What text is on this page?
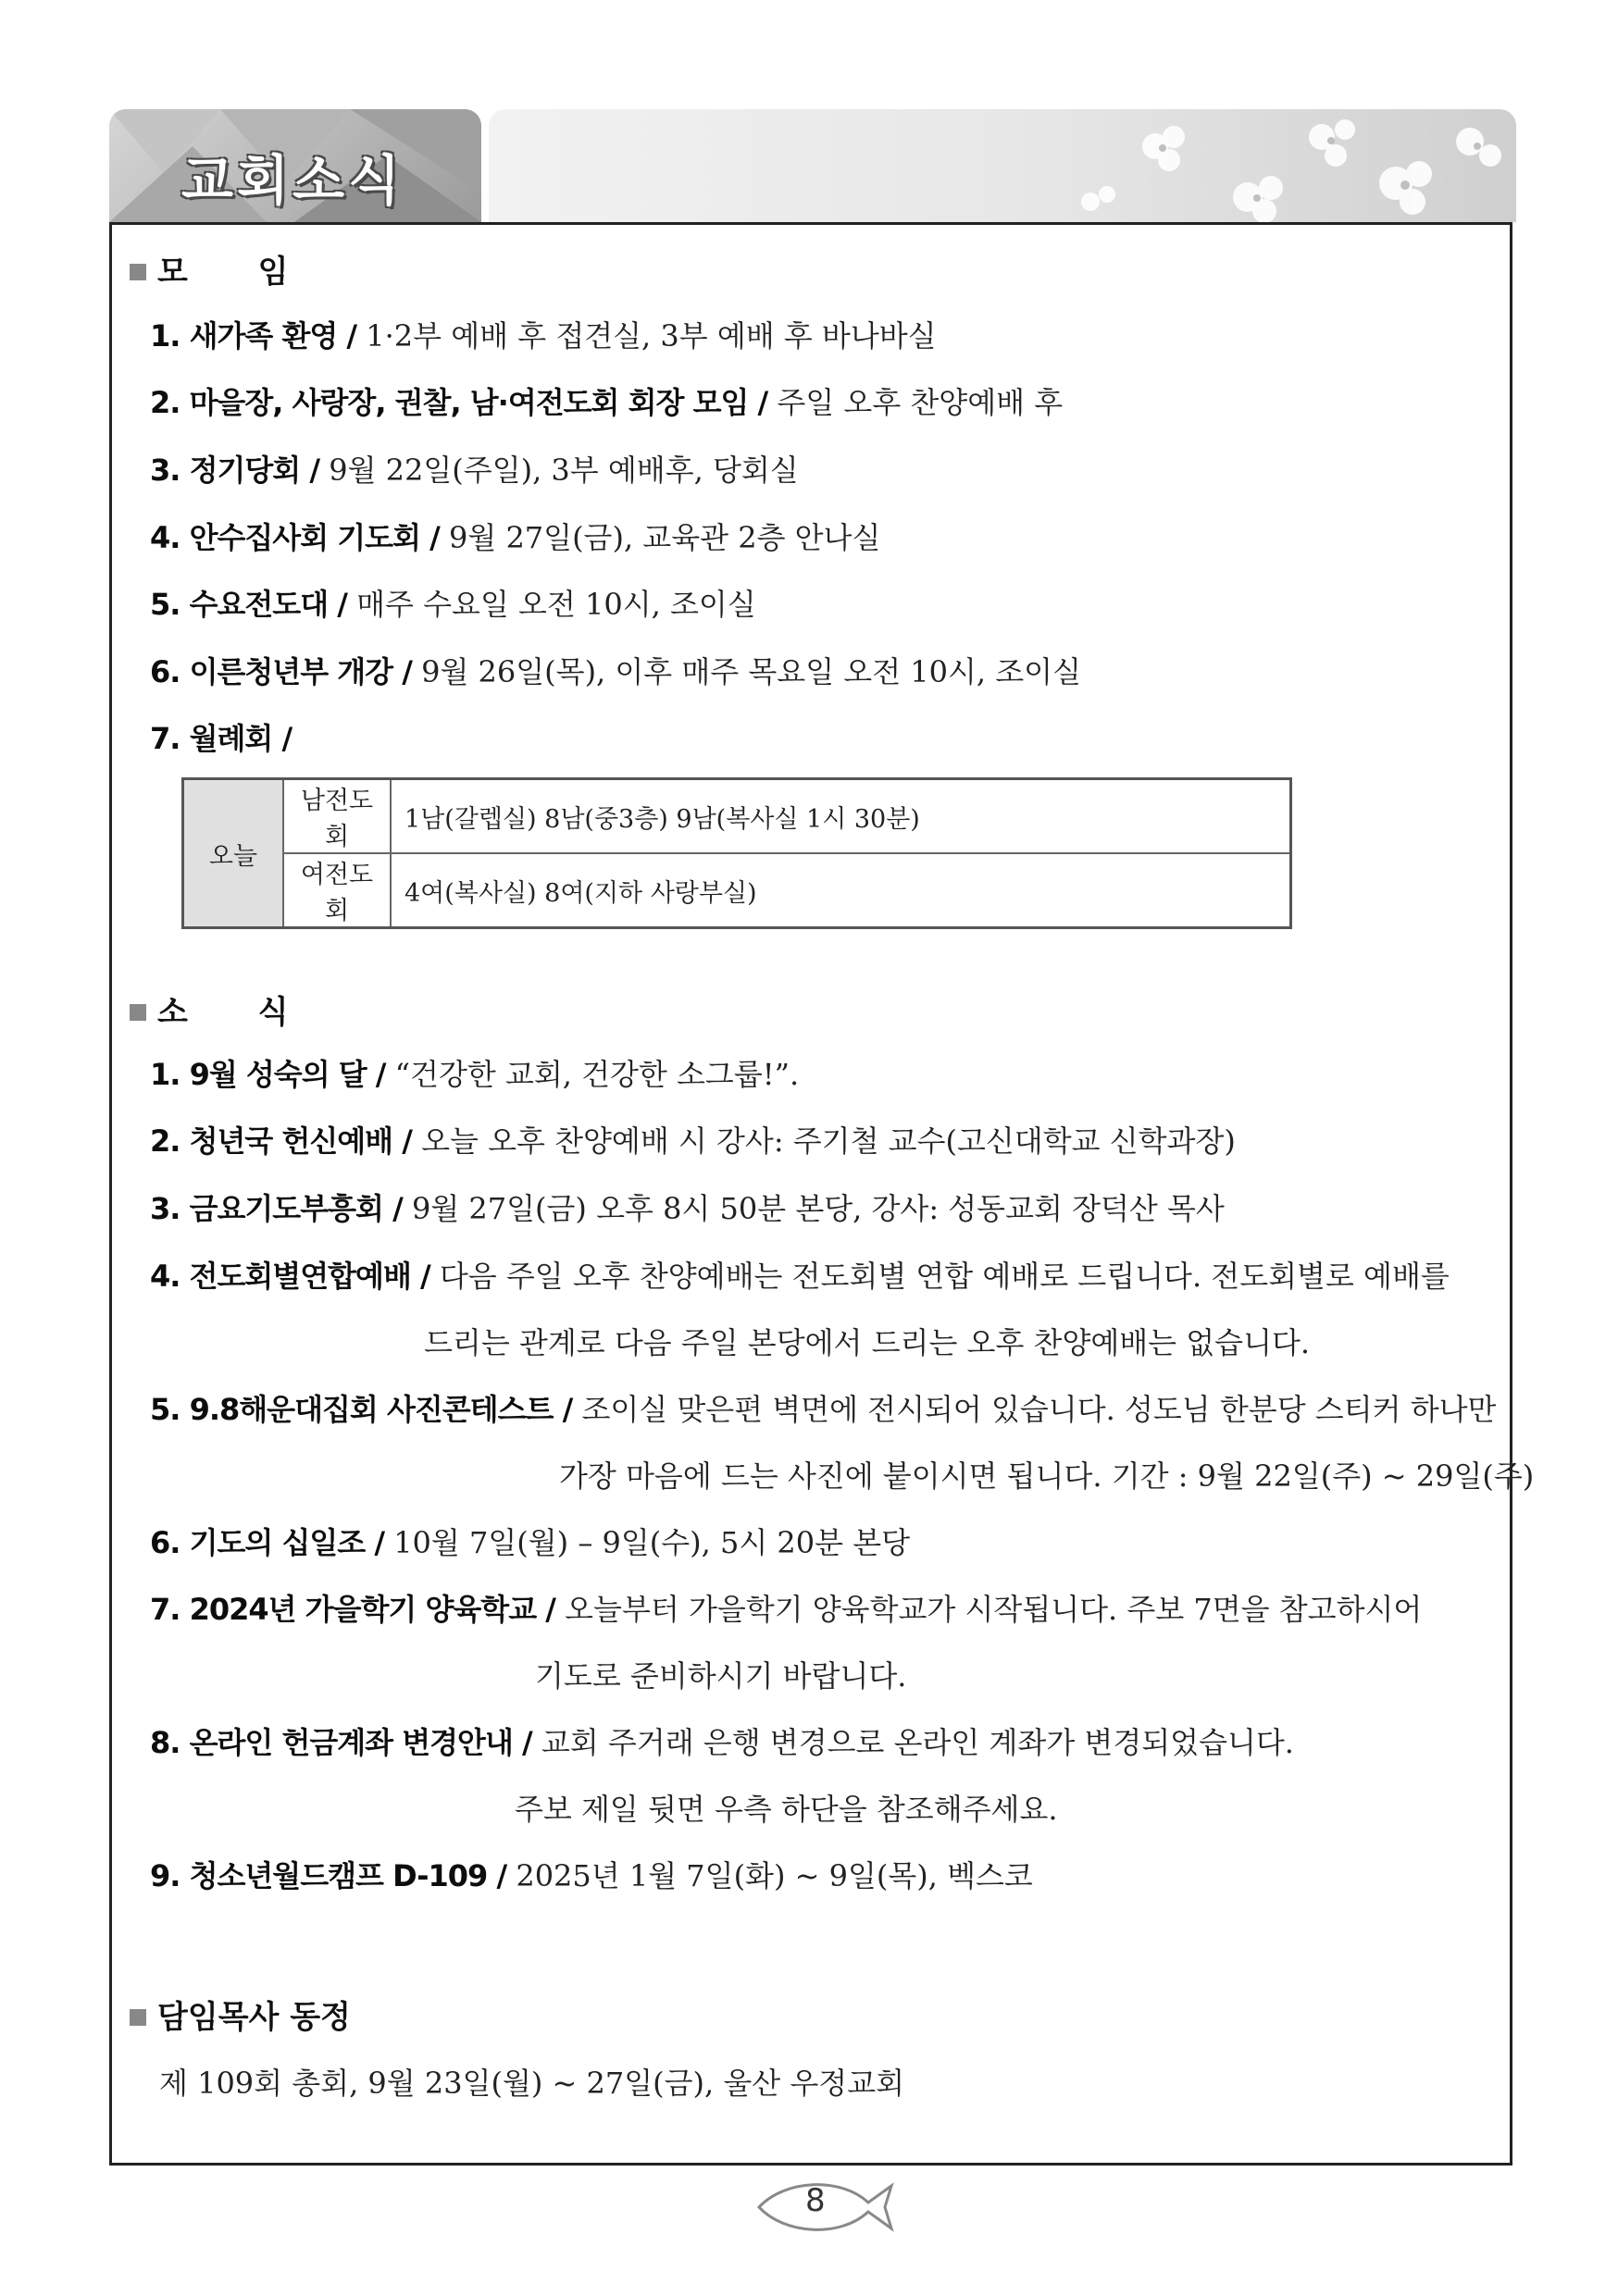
교회소식
모 임
1. 새가족 환영 / 1·2부 예배 후 접견실, 3부 예배 후 바나바실
2. 마을장, 사랑장, 권찰, 남·여전도회 회장 모임 / 주일 오후 찬양예배 후
3. 정기당회 / 9월 22일(주일), 3부 예배후, 당회실
4. 안수집사회 기도회 / 9월 27일(금), 교육관 2층 안나실
5. 수요전도대 / 매주 수요일 오전 10시, 조이실
6. 이른청년부 개강 / 9월 26일(목), 이후 매주 목요일 오전 10시, 조이실
7. 월례회 /
오늘	남전도회	1남(갈렙실) 8남(중3층) 9남(복사실 1시 30분)
	여전도회	4여(복사실) 8여(지하 사랑부실)
소 식
1. 9월 성숙의 달 / “건강한 교회, 건강한 소그룹!”.
2. 청년국 헌신예배 / 오늘 오후 찬양예배 시 강사: 주기철 교수(고신대학교 신학과장)
3. 금요기도부흥회 / 9월 27일(금) 오후 8시 50분 본당, 강사: 성동교회 장덕산 목사
4. 전도회별연합예배 / 다음 주일 오후 찬양예배는 전도회별 연합 예배로 드립니다. 전도회별로 예배를
드리는 관계로 다음 주일 본당에서 드리는 오후 찬양예배는 없습니다.
5. 9.8해운대집회 사진콘테스트 / 조이실 맞은편 벽면에 전시되어 있습니다. 성도님 한분당 스티커 하나만
가장 마음에 드는 사진에 붙이시면 됩니다. 기간 : 9월 22일(주) ~ 29일(주)
6. 기도의 십일조 / 10월 7일(월) – 9일(수), 5시 20분 본당
7. 2024년 가을학기 양육학교 / 오늘부터 가을학기 양육학교가 시작됩니다. 주보 7면을 참고하시어
기도로 준비하시기 바랍니다.
8. 온라인 헌금계좌 변경안내 / 교회 주거래 은행 변경으로 온라인 계좌가 변경되었습니다.
주보 제일 뒷면 우측 하단을 참조해주세요.
9. 청소년월드캠프 D-109 / 2025년 1월 7일(화) ~ 9일(목), 벡스코
담임목사 동정
제 109회 총회, 9월 23일(월) ~ 27일(금), 울산 우정교회
8
